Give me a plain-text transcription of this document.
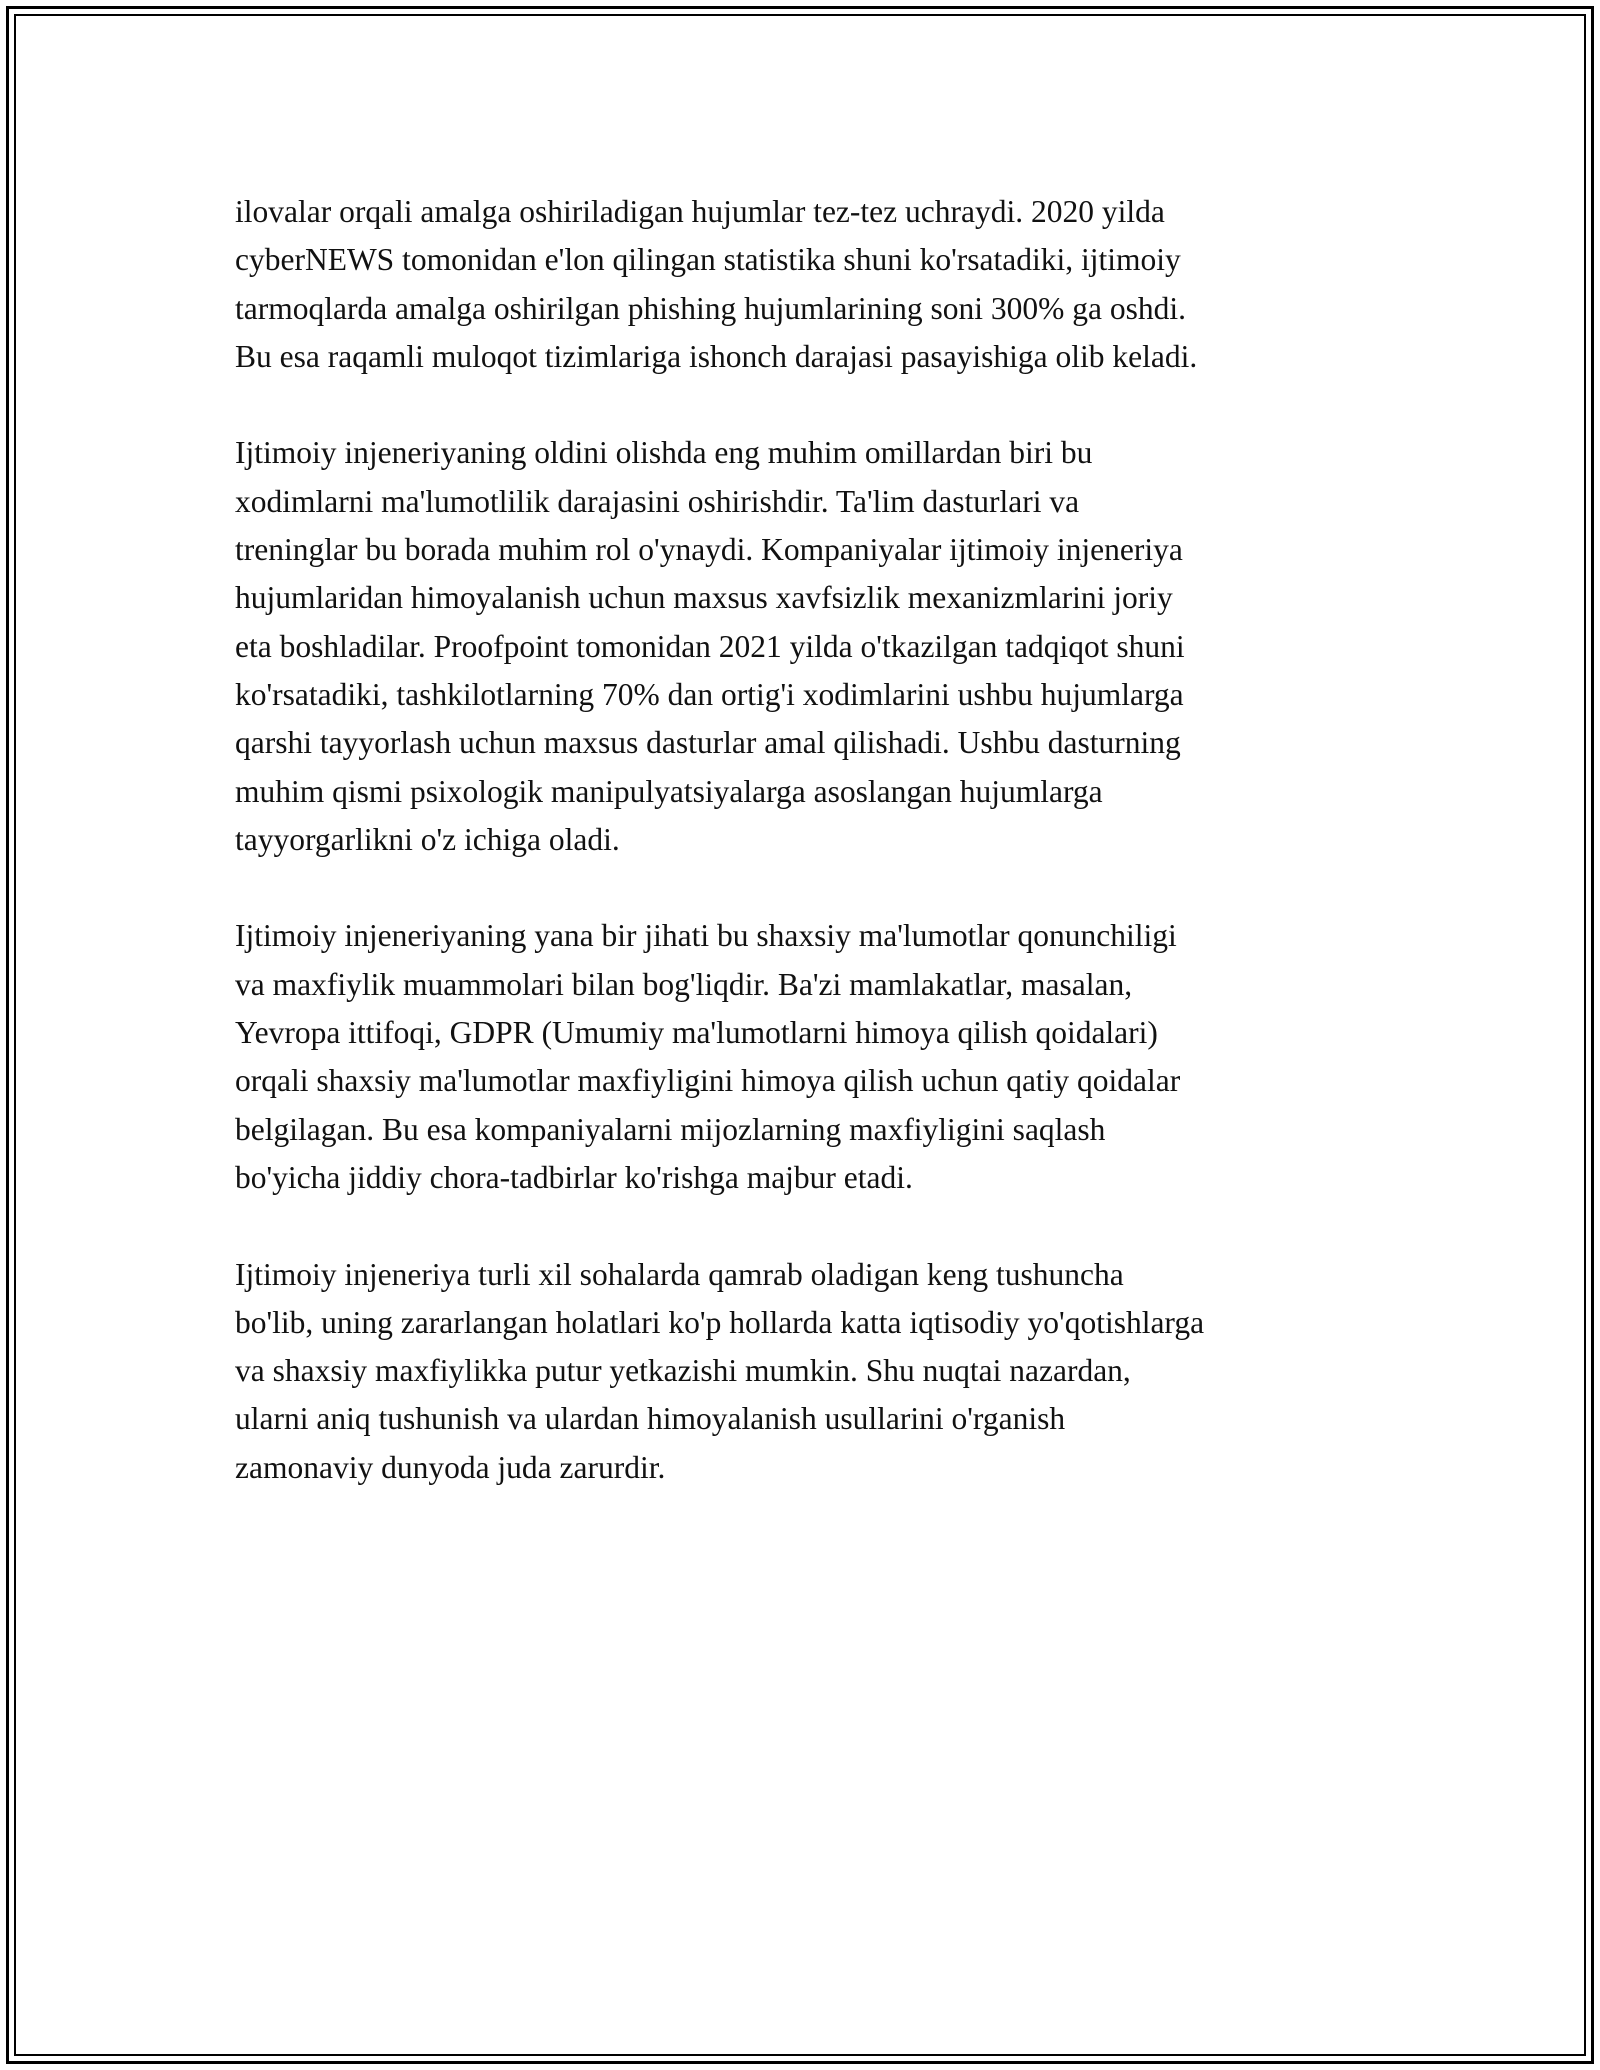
ilovalar orqali amalga oshiriladigan hujumlar tez-tez uchraydi. 2020 yilda
cyberNEWS tomonidan e'lon qilingan statistika shuni ko'rsatadiki, ijtimoiy
tarmoqlarda amalga oshirilgan phishing hujumlarining soni 300% ga oshdi.
Bu esa raqamli muloqot tizimlariga ishonch darajasi pasayishiga olib keladi.

Ijtimoiy injeneriyaning oldini olishda eng muhim omillardan biri bu
xodimlarni ma'lumotlilik darajasini oshirishdir. Ta'lim dasturlari va
treninglar bu borada muhim rol o'ynaydi. Kompaniyalar ijtimoiy injeneriya
hujumlaridan himoyalanish uchun maxsus xavfsizlik mexanizmlarini joriy
eta boshladilar. Proofpoint tomonidan 2021 yilda o'tkazilgan tadqiqot shuni
ko'rsatadiki, tashkilotlarning 70% dan ortig'i xodimlarini ushbu hujumlarga
qarshi tayyorlash uchun maxsus dasturlar amal qilishadi. Ushbu dasturning
muhim qismi psixologik manipulyatsiyalarga asoslangan hujumlarga
tayyorgarlikni o'z ichiga oladi.

Ijtimoiy injeneriyaning yana bir jihati bu shaxsiy ma'lumotlar qonunchiligi
va maxfiylik muammolari bilan bog'liqdir. Ba'zi mamlakatlar, masalan,
Yevropa ittifoqi, GDPR (Umumiy ma'lumotlarni himoya qilish qoidalari)
orqali shaxsiy ma'lumotlar maxfiyligini himoya qilish uchun qatiy qoidalar
belgilagan. Bu esa kompaniyalarni mijozlarning maxfiyligini saqlash
bo'yicha jiddiy chora-tadbirlar ko'rishga majbur etadi.

Ijtimoiy injeneriya turli xil sohalarda qamrab oladigan keng tushuncha
bo'lib, uning zararlangan holatlari ko'p hollarda katta iqtisodiy yo'qotishlarga
va shaxsiy maxfiylikka putur yetkazishi mumkin. Shu nuqtai nazardan,
ularni aniq tushunish va ulardan himoyalanish usullarini o'rganish
zamonaviy dunyoda juda zarurdir.
